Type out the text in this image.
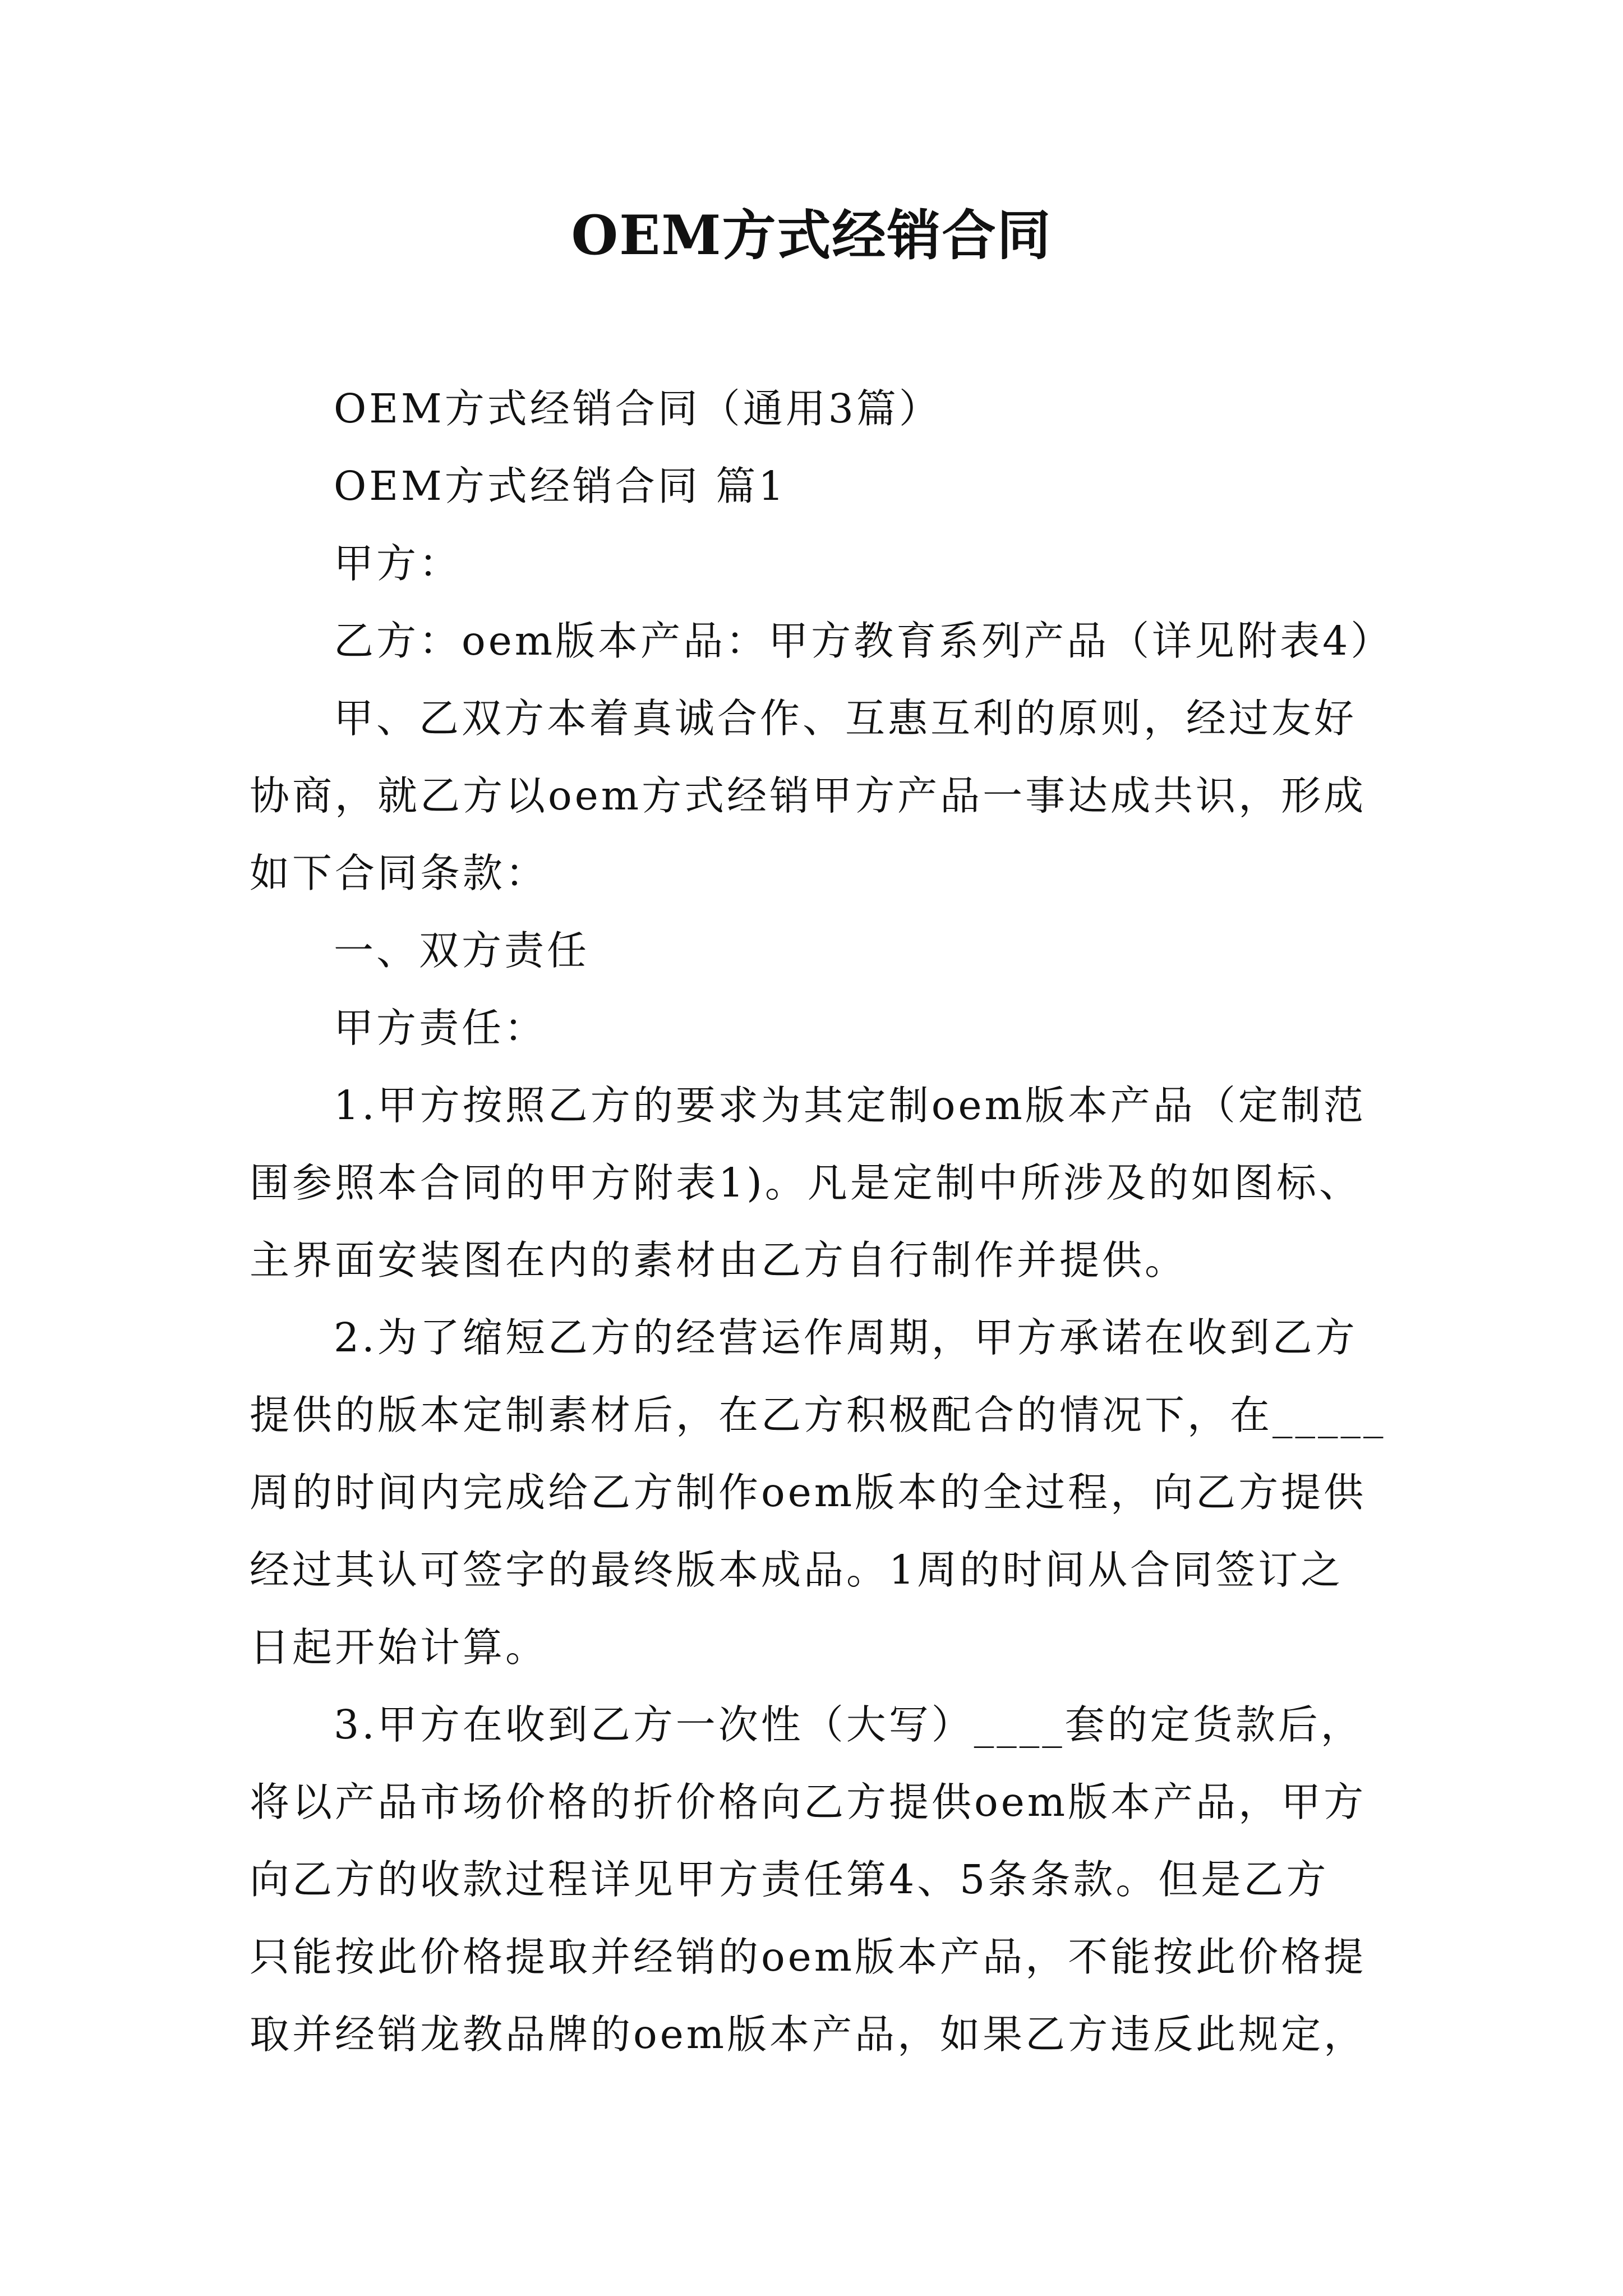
OEM方式经销合同
OEM方式经销合同（通用3篇）
OEM方式经销合同 篇1
甲方：
乙方：oem版本产品：甲方教育系列产品（详见附表4）
甲、乙双方本着真诚合作、互惠互利的原则，经过友好
协商，就乙方以oem方式经销甲方产品一事达成共识，形成
如下合同条款：
一、双方责任
甲方责任：
1.甲方按照乙方的要求为其定制oem版本产品（定制范
围参照本合同的甲方附表1)。凡是定制中所涉及的如图标、
主界面安装图在内的素材由乙方自行制作并提供。
2.为了缩短乙方的经营运作周期，甲方承诺在收到乙方
提供的版本定制素材后，在乙方积极配合的情况下，在_____
周的时间内完成给乙方制作oem版本的全过程，向乙方提供
经过其认可签字的最终版本成品。1周的时间从合同签订之
日起开始计算。
3.甲方在收到乙方一次性（大写）____套的定货款后，
将以产品市场价格的折价格向乙方提供oem版本产品，甲方
向乙方的收款过程详见甲方责任第4、5条条款。但是乙方
只能按此价格提取并经销的oem版本产品，不能按此价格提
取并经销龙教品牌的oem版本产品，如果乙方违反此规定，
